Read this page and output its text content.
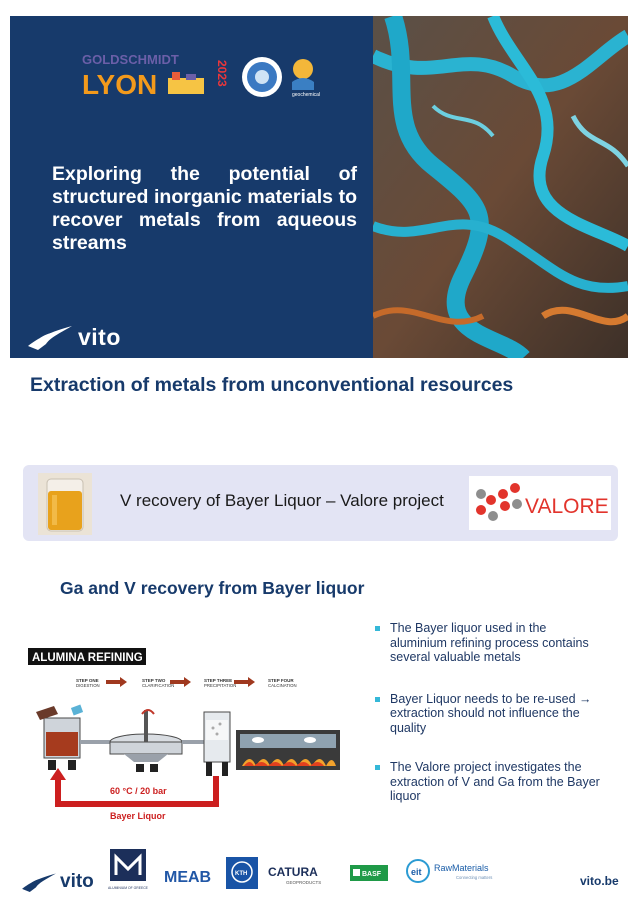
GOLDSCHMIDT
LYON	2023
geochemical

Exploring the potential of structured inorganic materials to recover metals from aqueous streams

vito
Extraction of metals from unconventional resources
V recovery of Bayer Liquor – Valore project	VALORE
Ga and V recovery from Bayer liquor
ALUMINA REFINING
STEP ONE
DIGESTION
STEP TWO
CLARIFICATION
STEP THREE
PRECIPITATION
STEP FOUR
CALCINATION
60 °C / 20 bar
Bayer Liquor
The Bayer liquor used in the aluminium refining process contains several valuable metals
Bayer Liquor needs to be re-used → extraction should not influence the quality
The Valore project investigates the extraction of V and Ga from the Bayer liquor
vito	ALUMINIUM OF GREECE
MEAB	KTH CATURA
GEOPRODUCTS
BASF	eit RawMaterials
Connecting matters	vito.be
